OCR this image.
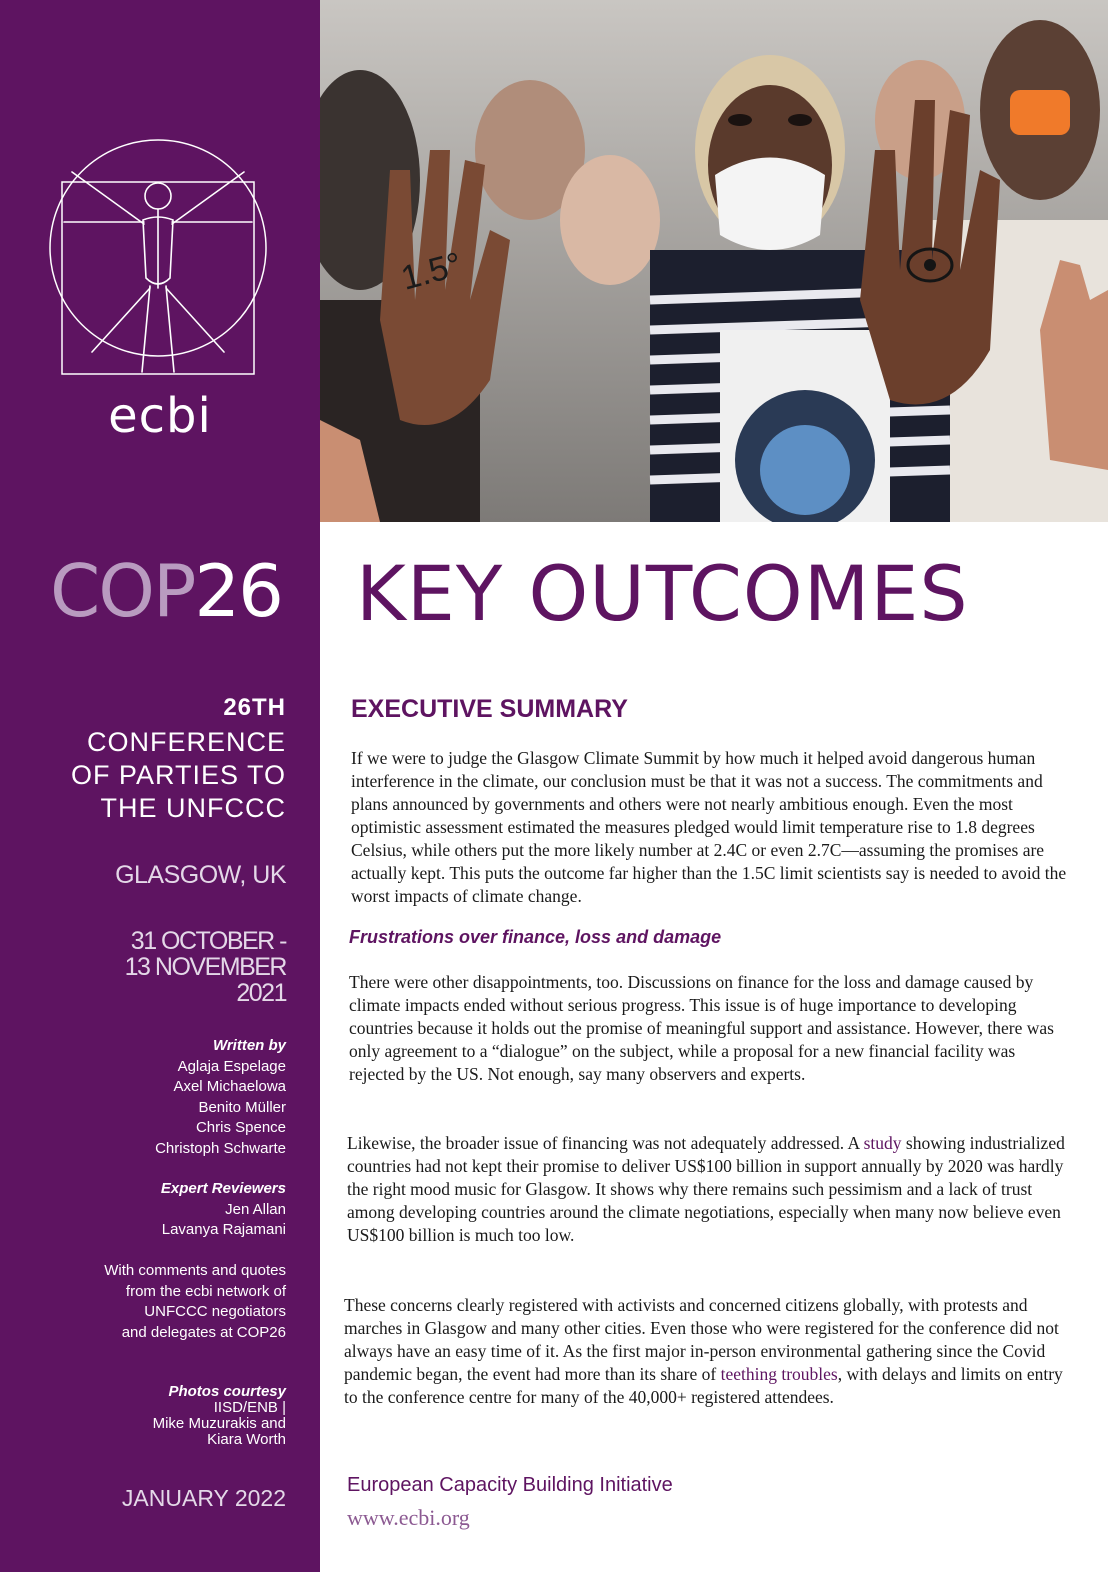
ecbi
COP26
26TH
CONFERENCE
OF PARTIES TO
THE UNFCCC
GLASGOW, UK
31 OCTOBER -
13 NOVEMBER
2021
Written by
Aglaja Espelage
Axel Michaelowa
Benito Müller
Chris Spence
Christoph Schwarte
Expert Reviewers
Jen Allan
Lavanya Rajamani
With comments and quotes
from the ecbi network of
UNFCCC negotiators
and delegates at COP26
Photos courtesy
IISD/ENB |
Mike Muzurakis and
Kiara Worth
JANUARY 2022
1.5°
KEY OUTCOMES
EXECUTIVE SUMMARY

If we were to judge the Glasgow Climate Summit by how much it helped avoid dangerous human interference in the climate, our conclusion must be that it was not a success. The commitments and plans announced by governments and others were not nearly ambitious enough. Even the most optimistic assessment estimated the measures pledged would limit temperature rise to 1.8 degrees Celsius, while others put the more likely number at 2.4C or even 2.7C—assuming the promises are actually kept. This puts the outcome far higher than the 1.5C limit scientists say is needed to avoid the worst impacts of climate change.

Frustrations over finance, loss and damage

There were other disappointments, too. Discussions on finance for the loss and damage caused by climate impacts ended without serious progress. This issue is of huge importance to developing countries because it holds out the promise of meaningful support and assistance. However, there was only agreement to a “dialogue” on the subject, while a proposal for a new financial facility was rejected by the US. Not enough, say many observers and experts.

Likewise, the broader issue of financing was not adequately addressed. A study showing industrialized countries had not kept their promise to deliver US$100 billion in support annually by 2020 was hardly the right mood music for Glasgow. It shows why there remains such pessimism and a lack of trust among developing countries around the climate negotiations, especially when many now believe even US$100 billion is much too low.

These concerns clearly registered with activists and concerned citizens globally, with protests and marches in Glasgow and many other cities. Even those who were registered for the conference did not always have an easy time of it. As the first major in-person environmental gathering since the Covid pandemic began, the event had more than its share of teething troubles, with delays and limits on entry to the conference centre for many of the 40,000+ registered attendees.

European Capacity Building Initiative
www.ecbi.org
